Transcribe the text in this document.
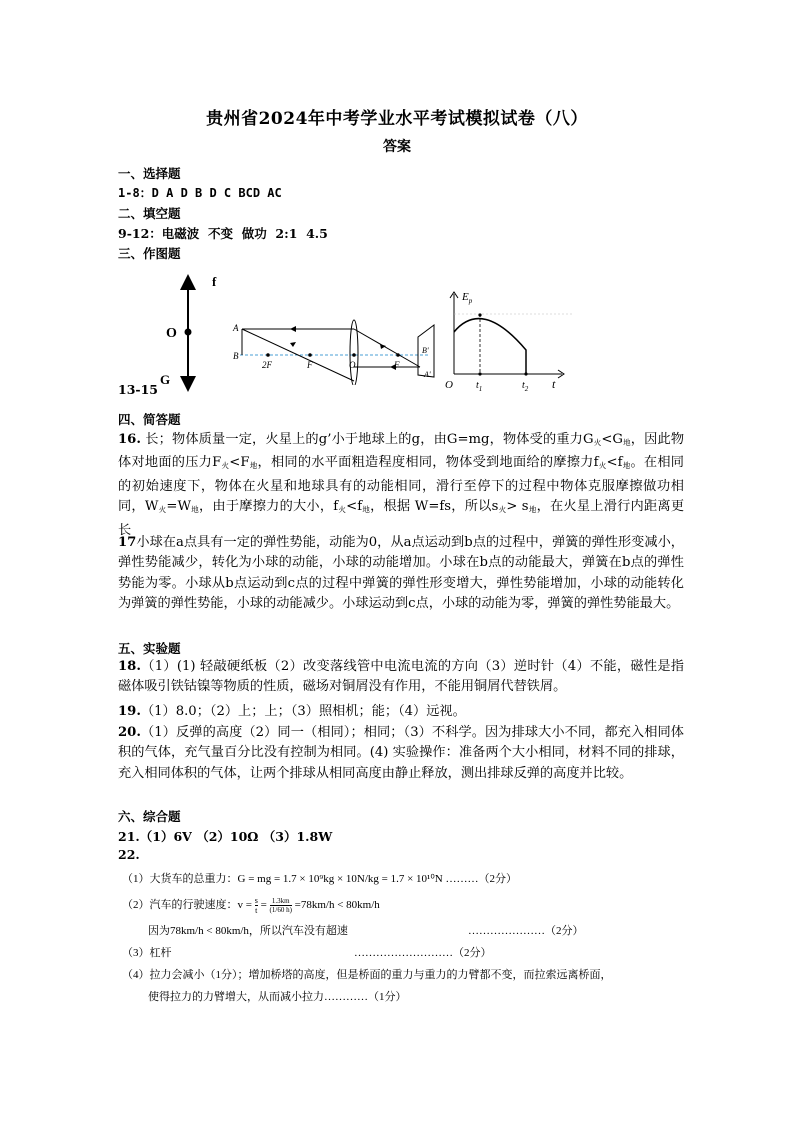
贵州省2024年中考学业水平考试模拟试卷（八）
答案
一、选择题
1-8：D A D B D C BCD AC
二、填空题
9-12：电磁波  不变  做功  2:1  4.5
三、作图题
f
O
G
13-15
A
B
2F	F	O	F
B'
A'
$E_p$
O $t_1$	$t_2$ t
四、简答题
16. 长；物体质量一定，火星上的g’小于地球上的g，由G=mg，物体受的重力$G_火<G_地$，因此物体对地面的压力$F_火<F_地$，相同的水平面粗造程度相同，物体受到地面给的摩擦力$f_火<f_地$。在相同的初始速度下，物体在火星和地球具有的动能相同，滑行至停下的过程中物体克服摩擦做功相同，$W_火=W_地$，由于摩擦力的大小，$f_火<f_地$，根据 W=fs，所以$s_火> s_地$，在火星上滑行内距离更长
17小球在a点具有一定的弹性势能，动能为0，从a点运动到b点的过程中，弹簧的弹性形变减小，弹性势能减少，转化为小球的动能，小球的动能增加。小球在b点的动能最大，弹簧在b点的弹性势能为零。小球从b点运动到c点的过程中弹簧的弹性形变增大，弹性势能增加，小球的动能转化为弹簧的弹性势能，小球的动能减少。小球运动到c点，小球的动能为零，弹簧的弹性势能最大。
五、实验题
18.（1）(1) 轻敲硬纸板（2）改变落线管中电流电流的方向（3）逆时针（4）不能，磁性是指磁体吸引铁钴镍等物质的性质，磁场对铜屑没有作用，不能用铜屑代替铁屑。
19.（1）8.0；（2）上；上；（3）照相机；能；（4）远视。
20.（1）反弹的高度（2）同一（相同）；相同；（3）不科学。因为排球大小不同，都充入相同体积的气体，充气量百分比没有控制为相同。(4) 实验操作：准备两个大小相同，材料不同的排球，充入相同体积的气体，让两个排球从相同高度由静止释放，测出排球反弹的高度并比较。
六、综合题
21.（1）6V （2）10Ω （3）1.8W
22.
（1）大货车的总重力：G = mg = 1.7 × 10⁹kg × 10N/kg = 1.7 × 10¹⁰N ………（2分）
（2）汽车的行驶速度：$v = \frac{s}{t} = \frac{1.3km}{(1/60 h)} =78km/h < 80km/h$
因为78km/h < 80km/h，所以汽车没有超速	…………………（2分）
（3）杠杆	………………………（2分）
（4）拉力会减小（1分）；增加桥塔的高度，但是桥面的重力与重力的力臂都不变，而拉索远离桥面，
使得拉力的力臂增大，从而减小拉力…………（1分）
